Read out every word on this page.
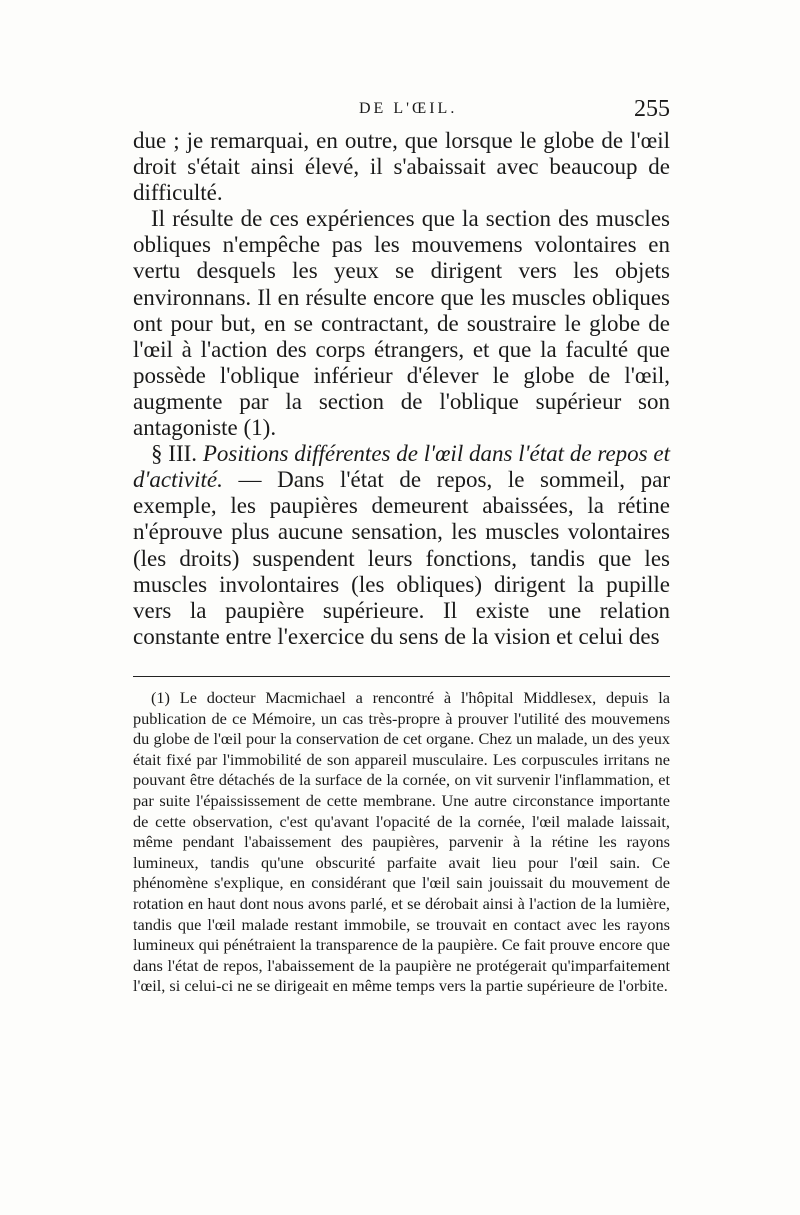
DE L'ŒIL.	255

due ; je remarquai, en outre, que lorsque le globe de l'œil droit s'était ainsi élevé, il s'abaissait avec beaucoup de difficulté.

Il résulte de ces expériences que la section des muscles obliques n'empêche pas les mouvemens volontaires en vertu desquels les yeux se dirigent vers les objets environnans. Il en résulte encore que les muscles obliques ont pour but, en se contractant, de soustraire le globe de l'œil à l'action des corps étrangers, et que la faculté que possède l'oblique inférieur d'élever le globe de l'œil, augmente par la section de l'oblique supérieur son antagoniste (1).

§ III. Positions différentes de l'œil dans l'état de repos et d'activité. — Dans l'état de repos, le sommeil, par exemple, les paupières demeurent abaissées, la rétine n'éprouve plus aucune sensation, les muscles volontaires (les droits) suspendent leurs fonctions, tandis que les muscles involontaires (les obliques) dirigent la pupille vers la paupière supérieure. Il existe une relation constante entre l'exercice du sens de la vision et celui des

(1) Le docteur Macmichael a rencontré à l'hôpital Middlesex, depuis la publication de ce Mémoire, un cas très-propre à prouver l'utilité des mouvemens du globe de l'œil pour la conservation de cet organe. Chez un malade, un des yeux était fixé par l'immobilité de son appareil musculaire. Les corpuscules irritans ne pouvant être détachés de la surface de la cornée, on vit survenir l'inflammation, et par suite l'épaississement de cette membrane. Une autre circonstance importante de cette observation, c'est qu'avant l'opacité de la cornée, l'œil malade laissait, même pendant l'abaissement des paupières, parvenir à la rétine les rayons lumineux, tandis qu'une obscurité parfaite avait lieu pour l'œil sain. Ce phénomène s'explique, en considérant que l'œil sain jouissait du mouvement de rotation en haut dont nous avons parlé, et se dérobait ainsi à l'action de la lumière, tandis que l'œil malade restant immobile, se trouvait en contact avec les rayons lumineux qui pénétraient la transparence de la paupière. Ce fait prouve encore que dans l'état de repos, l'abaissement de la paupière ne protégerait qu'imparfaitement l'œil, si celui-ci ne se dirigeait en même temps vers la partie supérieure de l'orbite.
